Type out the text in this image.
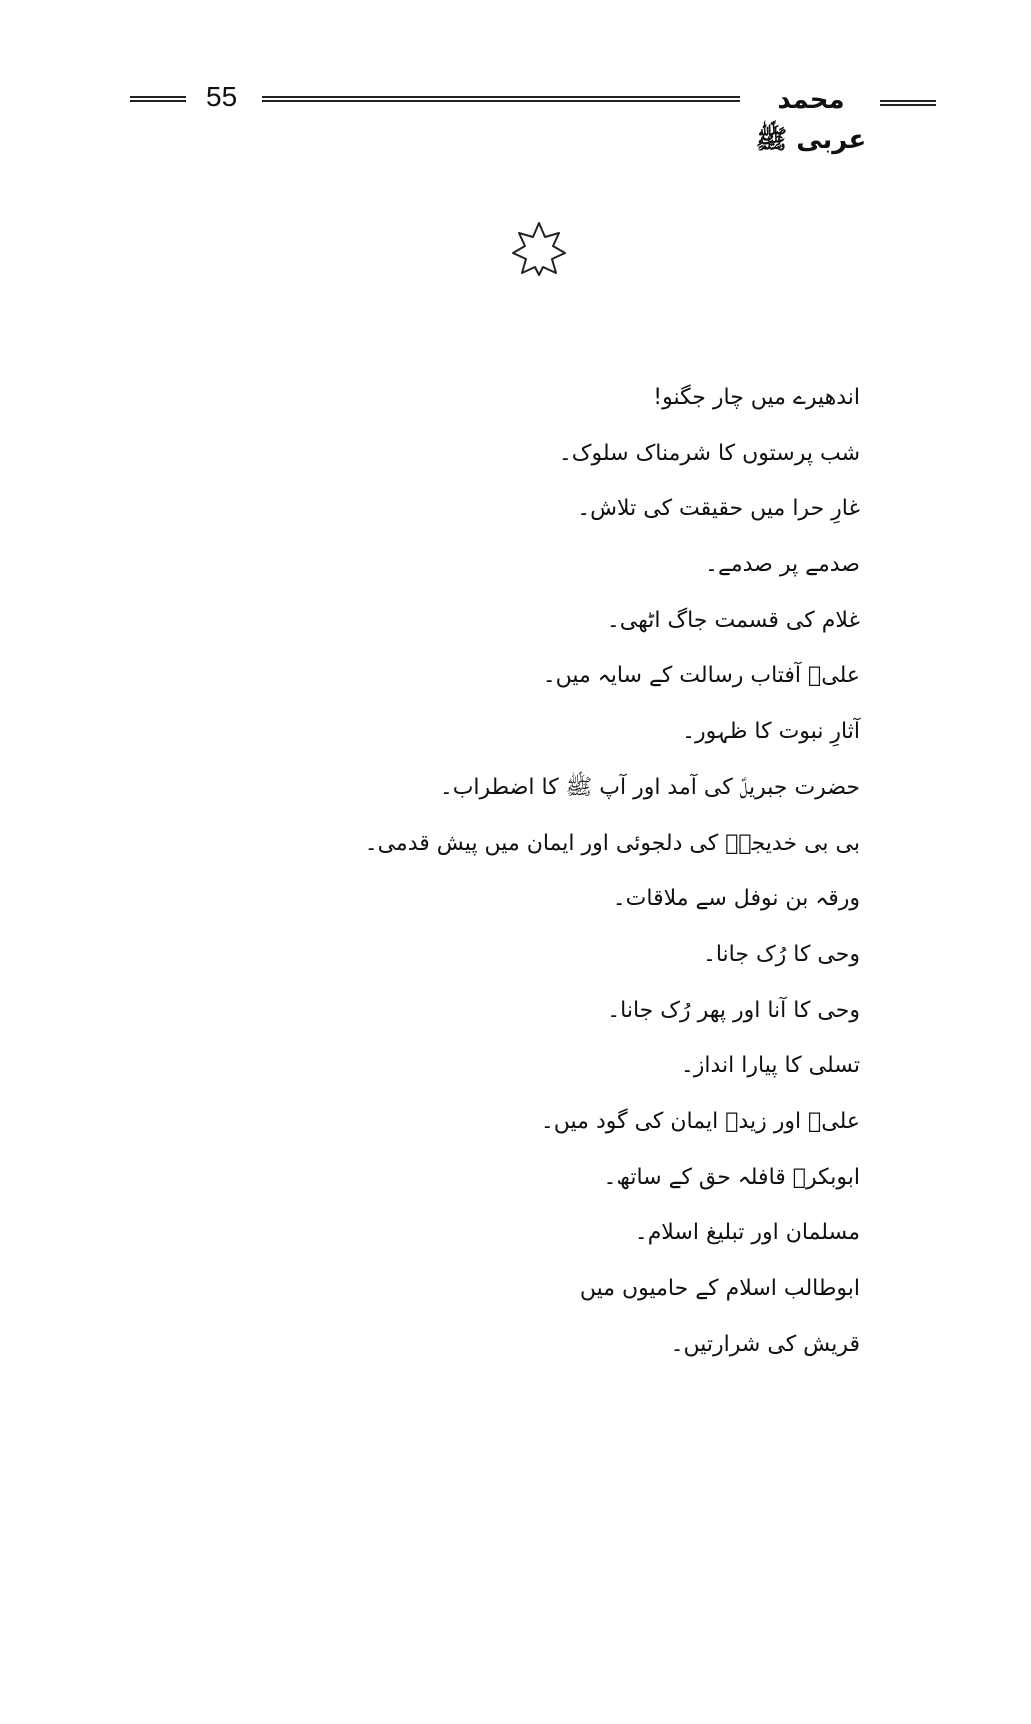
55	محمد عربی ﷺ
اندھیرے میں چار جگنو!
شب پرستوں کا شرمناک سلوک۔
غارِ حرا میں حقیقت کی تلاش۔
صدمے پر صدمے۔
غلام کی قسمت جاگ اٹھی۔
علیؓ آفتاب رسالت کے سایہ میں۔
آثارِ نبوت کا ظہور۔
حضرت جبریلؑ کی آمد اور آپ ﷺ کا اضطراب۔
بی بی خدیجہؓ کی دلجوئی اور ایمان میں پیش قدمی۔
ورقہ بن نوفل سے ملاقات۔
وحی کا رُک جانا۔
وحی کا آنا اور پھر رُک جانا۔
تسلی کا پیارا انداز۔
علیؓ اور زیدؓ ایمان کی گود میں۔
ابوبکرؓ قافلہ حق کے ساتھ۔
مسلمان اور تبلیغ اسلام۔
ابوطالب اسلام کے حامیوں میں
قریش کی شرارتیں۔
